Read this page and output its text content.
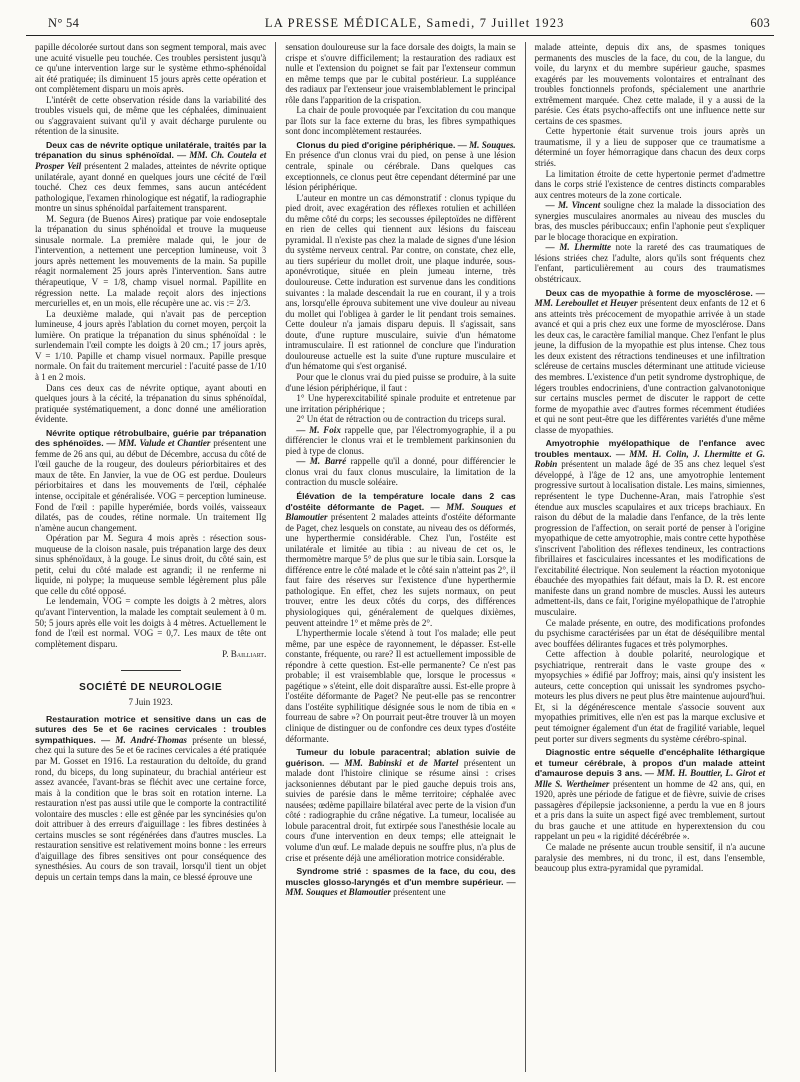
N° 54	LA PRESSE MÉDICALE, Samedi, 7 Juillet 1923	603

papille décolorée surtout dans son segment temporal, mais avec une acuité visuelle peu touchée. Ces troubles persistent jusqu'à ce qu'une intervention large sur le système ethmo-sphénoïdal ait été pratiquée; ils diminuent 15 jours après cette opération et ont complètement disparu un mois après.

L'intérêt de cette observation réside dans la variabilité des troubles visuels qui, de même que les céphalées, diminuaient ou s'aggravaient suivant qu'il y avait décharge purulente ou rétention de la sinusite.

Deux cas de névrite optique unilatérale, traités par la trépanation du sinus sphénoïdal. — MM. Ch. Coutela et Prosper Veil présentent 2 malades, atteintes de névrite optique unilatérale, ayant donné en quelques jours une cécité de l'œil touché. Chez ces deux femmes, sans aucun antécédent pathologique, l'examen rhinologique est négatif, la radiographie montre un sinus sphénoïdal parfaitement transparent.

M. Segura (de Buenos Aires) pratique par voie endoseptale la trépanation du sinus sphénoïdal et trouve la muqueuse sinusale normale. La première malade qui, le jour de l'intervention, a nettement une perception lumineuse, voit 3 jours après nettement les mouvements de la main. Sa pupille réagit normalement 25 jours après l'intervention. Sans autre thérapeutique, V = 1/8, champ visuel normal. Papillite en régression nette. La malade reçoit alors des injections mercurielles et, en un mois, elle récupère une ac. vis := 2/3.

La deuxième malade, qui n'avait pas de perception lumineuse, 4 jours après l'ablation du cornet moyen, perçoit la lumière. On pratique la trépanation du sinus sphénoïdal : le surlendemain l'œil compte les doigts à 20 cm.; 17 jours après, V = 1/10. Papille et champ visuel normaux. Papille presque normale. On fait du traitement mercuriel : l'acuité passe de 1/10 à 1 en 2 mois.

Dans ces deux cas de névrite optique, ayant abouti en quelques jours à la cécité, la trépanation du sinus sphénoïdal, pratiquée systématiquement, a donc donné une amélioration évidente.

Névrite optique rétrobulbaire, guérie par trépanation des sphénoïdes. — MM. Valude et Chantier présentent une femme de 26 ans qui, au début de Décembre, accusa du côté de l'œil gauche de la rougeur, des douleurs périorbitaires et des maux de tête. En Janvier, la vue de OG est perdue. Douleurs périorbitaires et dans les mouvements de l'œil, céphalée intense, occipitale et généralisée. VOG = perception lumineuse. Fond de l'œil : papille hyperémiée, bords voilés, vaisseaux dilatés, pas de coudes, rétine normale. Un traitement IIg n'amène aucun changement.

Opération par M. Segura 4 mois après : résection sous-muqueuse de la cloison nasale, puis trépanation large des deux sinus sphénoïdaux, à la gouge. Le sinus droit, du côté sain, est petit, celui du côté malade est agrandi; il ne renferme ni liquide, ni polype; la muqueuse semble légèrement plus pâle que celle du côté opposé.

Le lendemain, VOG = compte les doigts à 2 mètres, alors qu'avant l'intervention, la malade les comptait seulement à 0 m. 50; 5 jours après elle voit les doigts à 4 mètres. Actuellement le fond de l'œil est normal. VOG = 0,7. Les maux de tête ont complètement disparu.

P. Bailliart.

SOCIÉTÉ DE NEUROLOGIE
7 Juin 1923.

Restauration motrice et sensitive dans un cas de sutures des 5e et 6e racines cervicales : troubles sympathiques. — M. André-Thomas présente un blessé, chez qui la suture des 5e et 6e racines cervicales a été pratiquée par M. Gosset en 1916. La restauration du deltoïde, du grand rond, du biceps, du long supinateur, du brachial antérieur est assez avancée, l'avant-bras se fléchit avec une certaine force, mais à la condition que le bras soit en rotation interne. La restauration n'est pas aussi utile que le comporte la contractilité volontaire des muscles : elle est gênée par les syncinésies qu'on doit attribuer à des erreurs d'aiguillage : les fibres destinées à certains muscles se sont régénérées dans d'autres muscles. La restauration sensitive est relativement moins bonne : les erreurs d'aiguillage des fibres sensitives ont pour conséquence des synesthésies. Au cours de son travail, lorsqu'il tient un objet depuis un certain temps dans la main, ce blessé éprouve une

sensation douloureuse sur la face dorsale des doigts, la main se crispe et s'ouvre difficilement; la restauration des radiaux est nulle et l'extension du poignet se fait par l'extenseur commun en même temps que par le cubital postérieur. La suppléance des radiaux par l'extenseur joue vraisemblablement le principal rôle dans l'apparition de la crispation.

La chair de poule provoquée par l'excitation du cou manque par îlots sur la face externe du bras, les fibres sympathiques sont donc incomplètement restaurées.

Clonus du pied d'origine périphérique. — M. Souques. En présence d'un clonus vrai du pied, on pense à une lésion centrale, spinale ou cérébrale. Dans quelques cas exceptionnels, ce clonus peut être cependant déterminé par une lésion périphérique.

L'auteur en montre un cas démonstratif : clonus typique du pied droit, avec exagération des réflexes rotulien et achilléen du même côté du corps; les secousses épileptoïdes ne diffèrent en rien de celles qui tiennent aux lésions du faisceau pyramidal. Il n'existe pas chez la malade de signes d'une lésion du système nerveux central. Par contre, on constate, chez elle, au tiers supérieur du mollet droit, une plaque indurée, sous-aponévrotique, située en plein jumeau interne, très douloureuse. Cette induration est survenue dans les conditions suivantes : la malade descendait la rue en courant, il y a trois ans, lorsqu'elle éprouva subitement une vive douleur au niveau du mollet qui l'obligea à garder le lit pendant trois semaines. Cette douleur n'a jamais disparu depuis. Il s'agissait, sans doute, d'une rupture musculaire, suivie d'un hématome intramusculaire. Il est rationnel de conclure que l'induration douloureuse actuelle est la suite d'une rupture musculaire et d'un hématome qui s'est organisé.

Pour que le clonus vrai du pied puisse se produire, à la suite d'une lésion périphérique, il faut :

1° Une hyperexcitabilité spinale produite et entretenue par une irritation périphérique ;

2° Un état de rétraction ou de contraction du triceps sural.

— M. Foix rappelle que, par l'électromyographie, il a pu différencier le clonus vrai et le tremblement parkinsonien du pied à type de clonus.

— M. Barré rappelle qu'il a donné, pour différencier le clonus vrai du faux clonus musculaire, la limitation de la contraction du muscle soléaire.

Élévation de la température locale dans 2 cas d'ostéite déformante de Paget. — MM. Souques et Blamoutier présentent 2 malades atteints d'ostéite déformante de Paget, chez lesquels on constate, au niveau des os déformés, une hyperthermie considérable. Chez l'un, l'ostéite est unilatérale et limitée au tibia : au niveau de cet os, le thermomètre marque 5° de plus que sur le tibia sain. Lorsque la différence entre le côté malade et le côté sain n'atteint pas 2°, il faut faire des réserves sur l'existence d'une hyperthermie pathologique. En effet, chez les sujets normaux, on peut trouver, entre les deux côtés du corps, des différences physiologiques qui, généralement de quelques dixièmes, peuvent atteindre 1° et même près de 2°.

L'hyperthermie locale s'étend à tout l'os malade; elle peut même, par une espèce de rayonnement, le dépasser. Est-elle constante, fréquente, ou rare? Il est actuellement impossible de répondre à cette question. Est-elle permanente? Ce n'est pas probable; il est vraisemblable que, lorsque le processus « pagétique » s'éteint, elle doit disparaître aussi. Est-elle propre à l'ostéite déformante de Paget? Ne peut-elle pas se rencontrer dans l'ostéite syphilitique désignée sous le nom de tibia en « fourreau de sabre »? On pourrait peut-être trouver là un moyen clinique de distinguer ou de confondre ces deux types d'ostéite déformante.

Tumeur du lobule paracentral; ablation suivie de guérison. — MM. Babinski et de Martel présentent un malade dont l'histoire clinique se résume ainsi : crises jacksoniennes débutant par le pied gauche depuis trois ans, suivies de parésie dans le même territoire; céphalée avec nausées; œdème papillaire bilatéral avec perte de la vision d'un côté : radiographie du crâne négative. La tumeur, localisée au lobule paracentral droit, fut extirpée sous l'anesthésie locale au cours d'une intervention en deux temps; elle atteignait le volume d'un œuf. Le malade depuis ne souffre plus, n'a plus de crise et présente déjà une amélioration motrice considérable.

Syndrome strié : spasmes de la face, du cou, des muscles glosso-laryngés et d'un membre supérieur. — MM. Souques et Blamoutier présentent une

malade atteinte, depuis dix ans, de spasmes toniques permanents des muscles de la face, du cou, de la langue, du voile, du larynx et du membre supérieur gauche, spasmes exagérés par les mouvements volontaires et entraînant des troubles fonctionnels profonds, spécialement une anarthrie extrêmement marquée. Chez cette malade, il y a aussi de la parésie. Ces états psycho-affectifs ont une influence nette sur certains de ces spasmes.

Cette hypertonie était survenue trois jours après un traumatisme, il y a lieu de supposer que ce traumatisme a déterminé un foyer hémorragique dans chacun des deux corps striés.

La limitation étroite de cette hypertonie permet d'admettre dans le corps strié l'existence de centres distincts comparables aux centres moteurs de la zone corticale.

— M. Vincent souligne chez la malade la dissociation des synergies musculaires anormales au niveau des muscles du bras, des muscles péribuccaux; enfin l'aphonie peut s'expliquer par le blocage thoracique en expiration.

— M. Lhermitte note la rareté des cas traumatiques de lésions striées chez l'adulte, alors qu'ils sont fréquents chez l'enfant, particulièrement au cours des traumatismes obstétricaux.

Deux cas de myopathie à forme de myosclérose. — MM. Lereboullet et Heuyer présentent deux enfants de 12 et 6 ans atteints très précocement de myopathie arrivée à un stade avancé et qui a pris chez eux une forme de myosclérose. Dans les deux cas, le caractère familial manque. Chez l'enfant le plus jeune, la diffusion de la myopathie est plus intense. Chez tous les deux existent des rétractions tendineuses et une infiltration scléreuse de certains muscles déterminant une attitude vicieuse des membres. L'existence d'un petit syndrome dystrophique, de légers troubles endocriniens, d'une contraction galvanotonique sur certains muscles permet de discuter le rapport de cette forme de myopathie avec d'autres formes récemment étudiées et qui ne sont peut-être que les différentes variétés d'une même classe de myopathies.

Amyotrophie myélopathique de l'enfance avec troubles mentaux. — MM. H. Colin, J. Lhermitte et G. Robin présentent un malade âgé de 35 ans chez lequel s'est développé, à l'âge de 12 ans, une amyotrophie lentement progressive surtout à localisation distale. Les mains, simiennes, représentent le type Duchenne-Aran, mais l'atrophie s'est étendue aux muscles scapulaires et aux triceps brachiaux. En raison du début de la maladie dans l'enfance, de la très lente progression de l'affection, on serait porté de penser à l'origine myopathique de cette amyotrophie, mais contre cette hypothèse s'inscrivent l'abolition des réflexes tendineux, les contractions fibrillaires et fasciculaires incessantes et les modifications de l'excitabilité électrique. Non seulement la réaction myotonique ébauchée des myopathies fait défaut, mais la D. R. est encore manifeste dans un grand nombre de muscles. Aussi les auteurs admettent-ils, dans ce fait, l'origine myélopathique de l'atrophie musculaire.

Ce malade présente, en outre, des modifications profondes du psychisme caractérisées par un état de déséquilibre mental avec bouffées délirantes fugaces et très polymorphes.

Cette affection à double polarité, neurologique et psychiatrique, rentrerait dans le vaste groupe des « myopsychies » édifié par Joffroy; mais, ainsi qu'y insistent les auteurs, cette conception qui unissait les syndromes psycho-moteurs les plus divers ne peut plus être maintenue aujourd'hui. Et, si la dégénérescence mentale s'associe souvent aux myopathies primitives, elle n'en est pas la marque exclusive et peut témoigner également d'un état de fragilité variable, lequel peut porter sur divers segments du système cérébro-spinal.

Diagnostic entre séquelle d'encéphalite léthargique et tumeur cérébrale, à propos d'un malade atteint d'amaurose depuis 3 ans. — MM. H. Bouttier, L. Girot et Mlle S. Wertheimer présentent un homme de 42 ans, qui, en 1920, après une période de fatigue et de fièvre, suivie de crises passagères d'épilepsie jacksonienne, a perdu la vue en 8 jours et a pris dans la suite un aspect figé avec tremblement, surtout du bras gauche et une attitude en hyperextension du cou rappelant un peu « la rigidité décérébrée ».

Ce malade ne présente aucun trouble sensitif, il n'a aucune paralysie des membres, ni du tronc, il est, dans l'ensemble, beaucoup plus extra-pyramidal que pyramidal.
